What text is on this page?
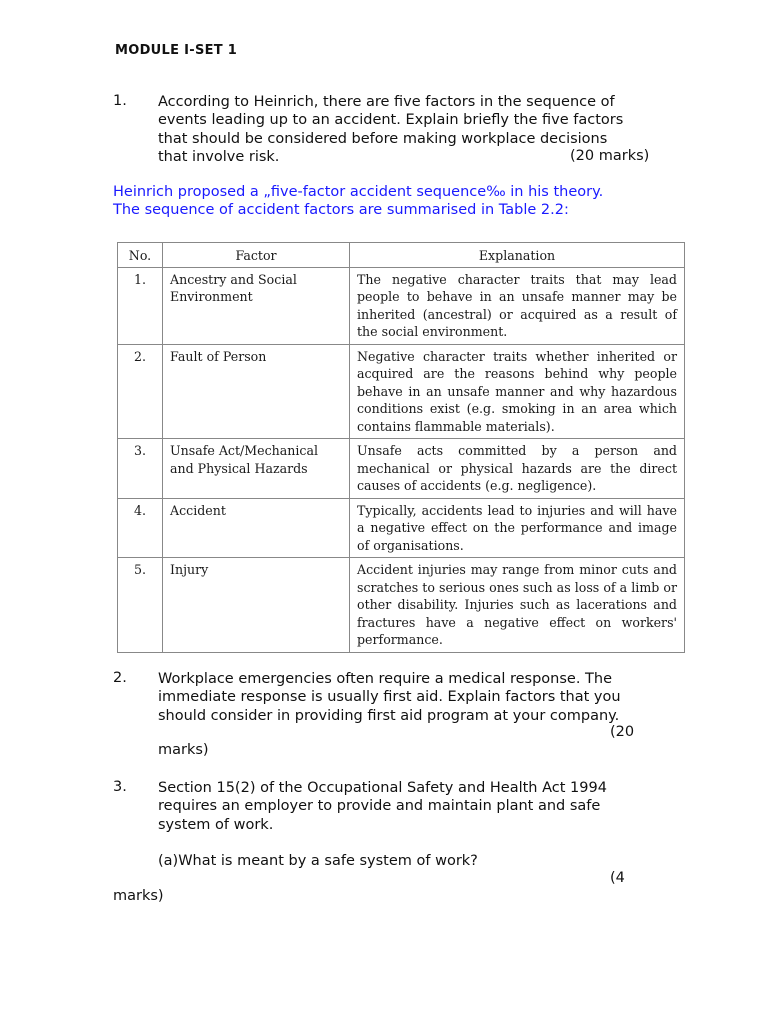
MODULE I-SET 1
1. According to Heinrich, there are five factors in the sequence of
events leading up to an accident. Explain briefly the five factors
that should be considered before making workplace decisions
that involve risk.	(20 marks)
Heinrich proposed a „five-factor accident sequence‰ in his theory.
The sequence of accident factors are summarised in Table 2.2:
No.	Factor	Explanation
1.	Ancestry and Social Environment	The negative character traits that may lead people to behave in an unsafe manner may be inherited (ancestral) or acquired as a result of the social environment.
2.	Fault of Person	Negative character traits whether inherited or acquired are the reasons behind why people behave in an unsafe manner and why hazardous conditions exist (e.g. smoking in an area which contains flammable materials).
3.	Unsafe Act/Mechanical and Physical Hazards	Unsafe acts committed by a person and mechanical or physical hazards are the direct causes of accidents (e.g. negligence).
4.	Accident	Typically, accidents lead to injuries and will have a negative effect on the performance and image of organisations.
5.	Injury	Accident injuries may range from minor cuts and scratches to serious ones such as loss of a limb or other disability. Injuries such as lacerations and fractures have a negative effect on workers' performance.
2. Workplace emergencies often require a medical response. The
immediate response is usually first aid. Explain factors that you
should consider in providing first aid program at your company.
(20
marks)
3. Section 15(2) of the Occupational Safety and Health Act 1994
requires an employer to provide and maintain plant and safe
system of work.
(a)What is meant by a safe system of work?
(4
marks)
